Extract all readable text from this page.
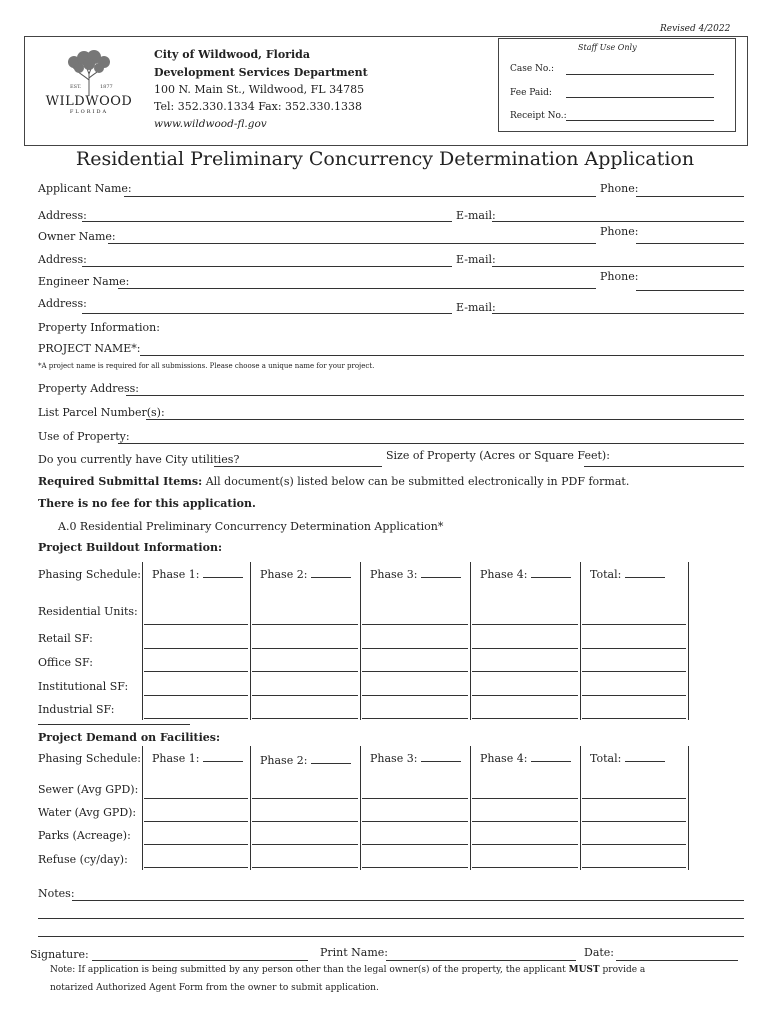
Revised 4/2022
EST.	1877
WILDWOOD
FLORIDA
City of Wildwood, Florida
Development Services Department
100 N. Main St., Wildwood, FL 34785
Tel: 352.330.1334 Fax: 352.330.1338
www.wildwood-fl.gov
Staff Use Only
Case No.:
Fee Paid:
Receipt No.:
Residential Preliminary Concurrency Determination Application
Applicant Name:	Phone:
Address:	E-mail:
Owner Name:	Phone:
Address:	E-mail:
Engineer Name:	Phone:
Address:	E-mail:
Property Information:
PROJECT NAME*:
*A project name is required for all submissions. Please choose a unique name for your project.
Property Address:
List Parcel Number(s):
Use of Property:
Do you currently have City utilities?	Size of Property (Acres or Square Feet):
Required Submittal Items: All document(s) listed below can be submitted electronically in PDF format.
There is no fee for this application.
A.0 Residential Preliminary Concurrency Determination Application*
Project Buildout Information:
Phasing Schedule: Phase 1:	Phase 2:	Phase 3:	Phase 4:	Total:
Residential Units:
Retail SF:
Office SF:
Institutional SF:
Industrial SF:
Project Demand on Facilities:
Phasing Schedule: Phase 1:	Phase 2:	Phase 3:	Phase 4:	Total:
Sewer (Avg GPD):
Water (Avg GPD):
Parks (Acreage):
Refuse (cy/day):
Notes:
Signature:	Print Name:	Date:
Note: If application is being submitted by any person other than the legal owner(s) of the property, the applicant MUST provide a
notarized Authorized Agent Form from the owner to submit application.
